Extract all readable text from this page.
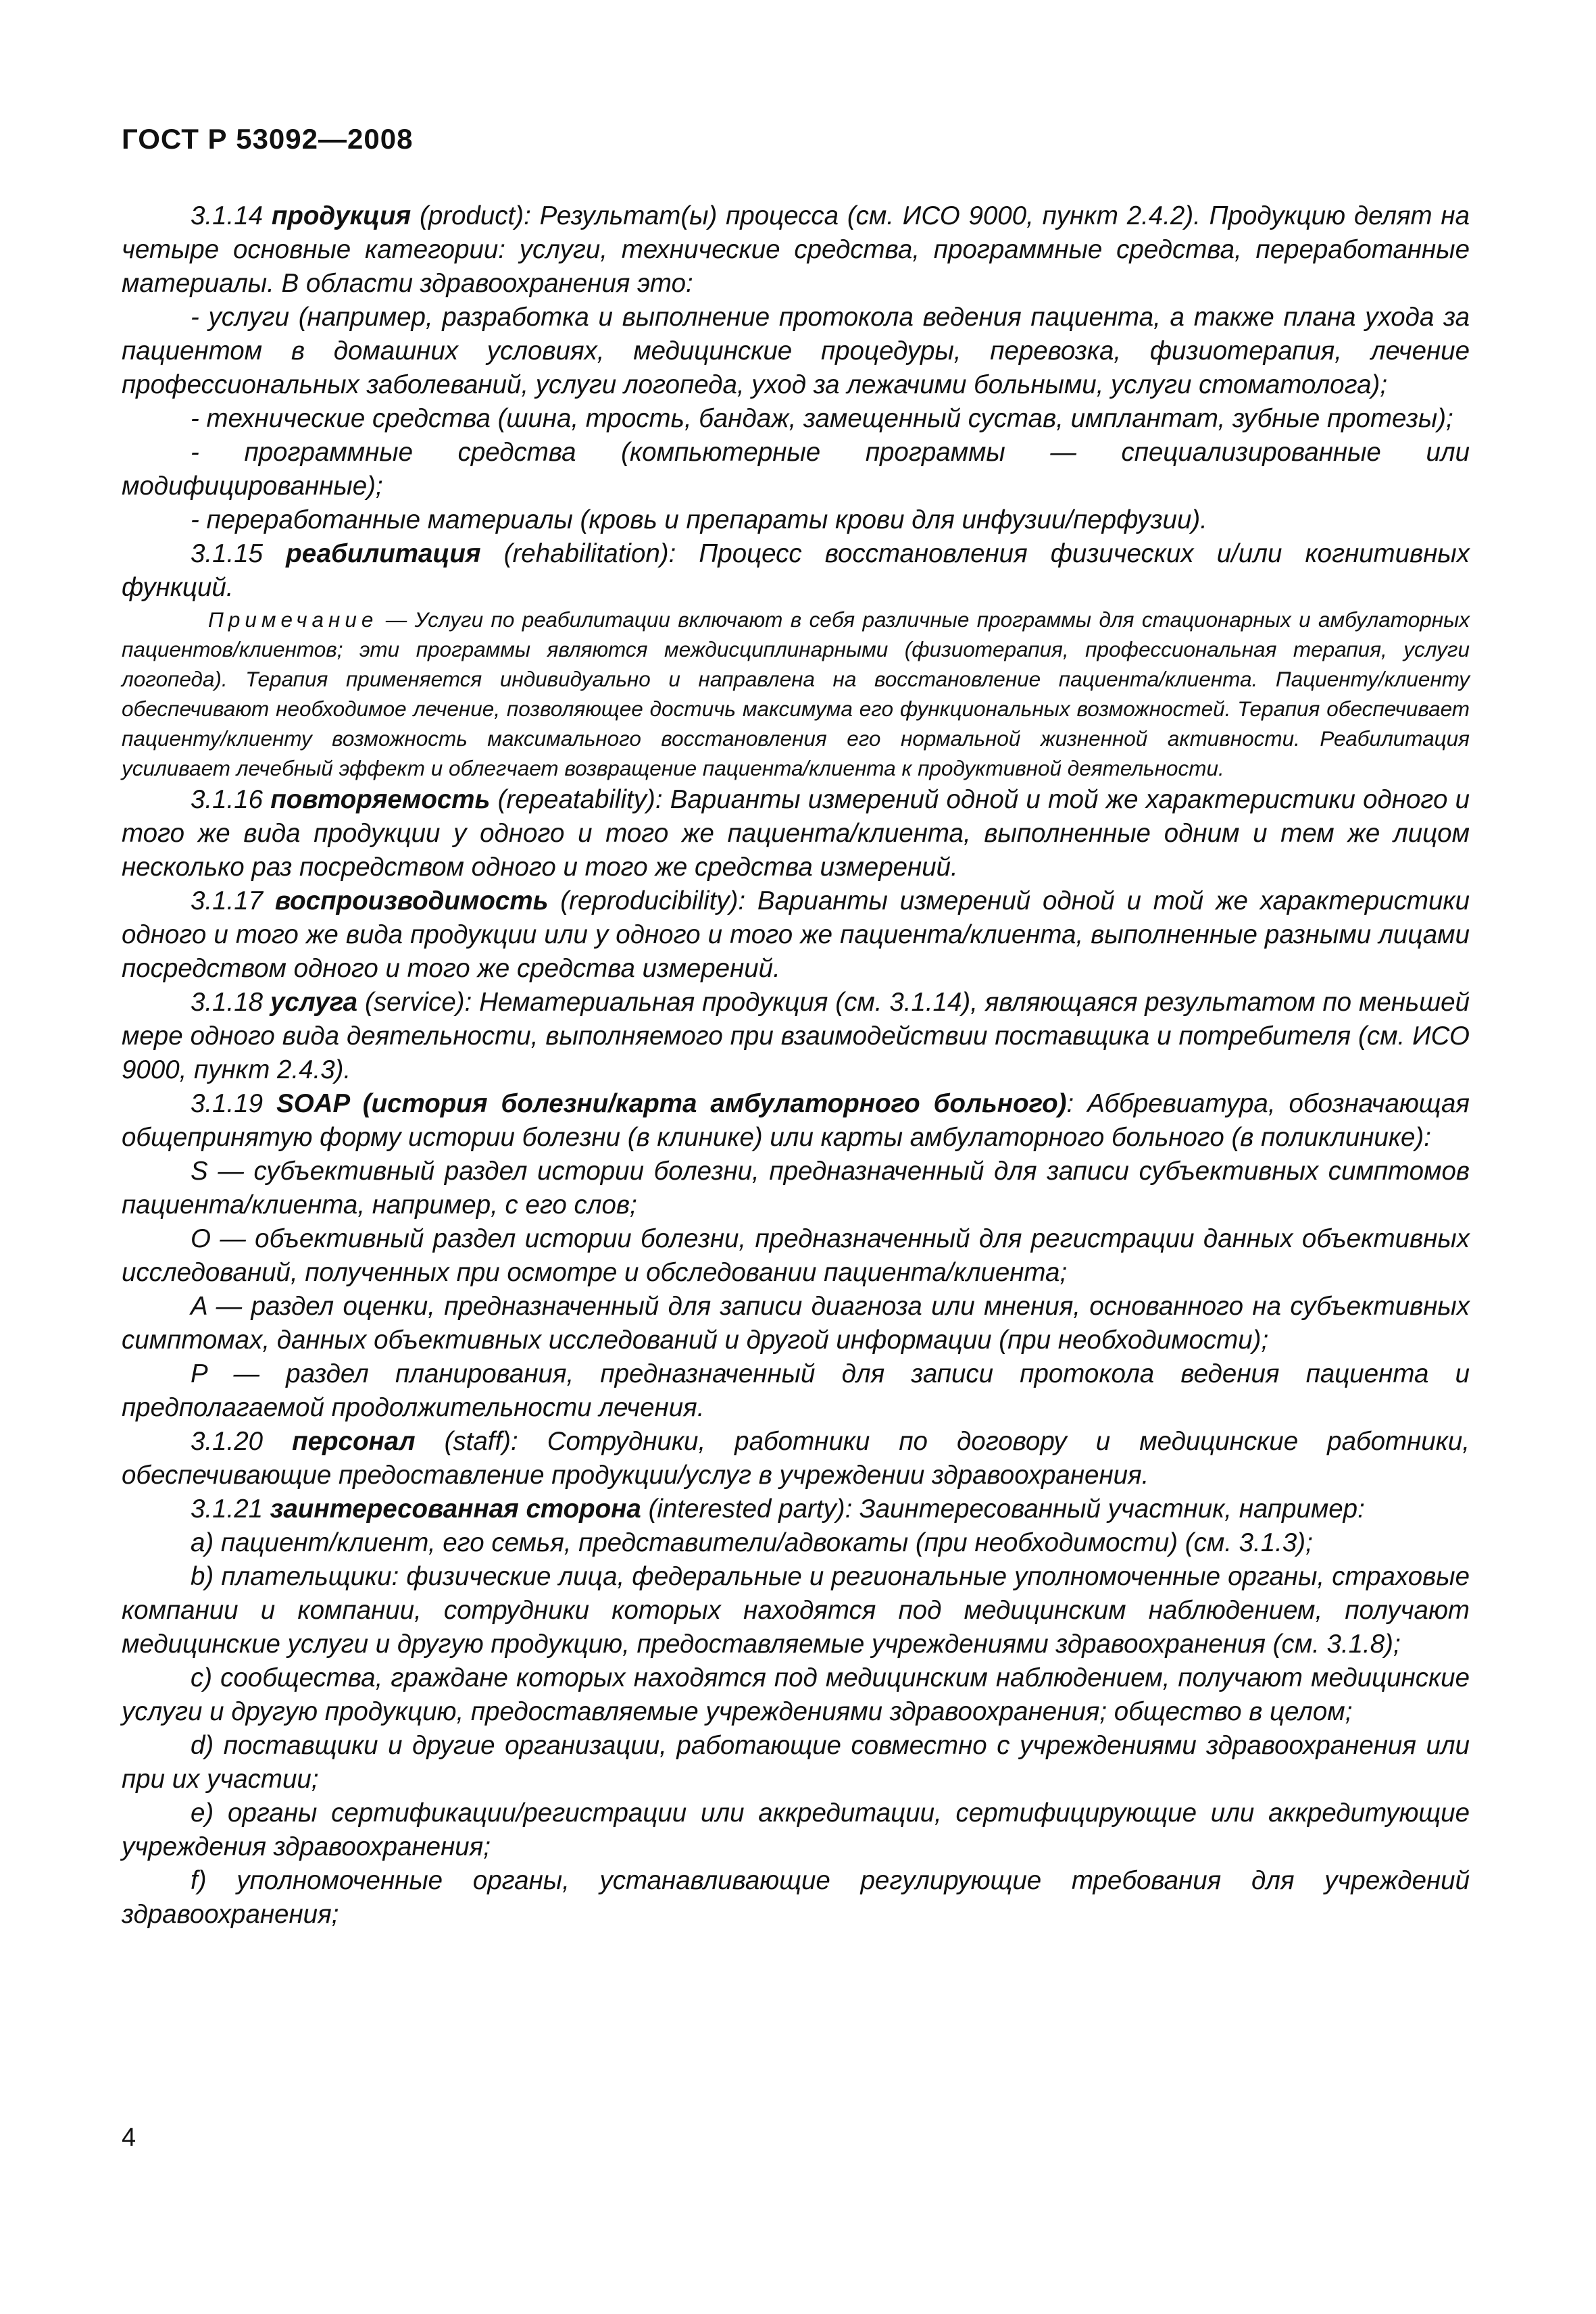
ГОСТ Р 53092—2008

3.1.14 продукция (product): Результат(ы) процесса (см. ИСО 9000, пункт 2.4.2). Продукцию делят на четыре основные категории: услуги, технические средства, программные средства, переработанные материалы. В области здравоохранения это:

- услуги (например, разработка и выполнение протокола ведения пациента, а также плана ухода за пациентом в домашних условиях, медицинские процедуры, перевозка, физиотерапия, лечение профессиональных заболеваний, услуги логопеда, уход за лежачими больными, услуги стоматолога);

- технические средства (шина, трость, бандаж, замещенный сустав, имплантат, зубные протезы);

- программные средства (компьютерные программы — специализированные или модифицированные);

- переработанные материалы (кровь и препараты крови для инфузии/перфузии).

3.1.15 реабилитация (rehabilitation): Процесс восстановления физических и/или когнитивных функций.

Примечание — Услуги по реабилитации включают в себя различные программы для стационарных и амбулаторных пациентов/клиентов; эти программы являются междисциплинарными (физиотерапия, профессиональная терапия, услуги логопеда). Терапия применяется индивидуально и направлена на восстановление пациента/клиента. Пациенту/клиенту обеспечивают необходимое лечение, позволяющее достичь максимума его функциональных возможностей. Терапия обеспечивает пациенту/клиенту возможность максимального восстановления его нормальной жизненной активности. Реабилитация усиливает лечебный эффект и облегчает возвращение пациента/клиента к продуктивной деятельности.

3.1.16 повторяемость (repeatability): Варианты измерений одной и той же характеристики одного и того же вида продукции у одного и того же пациента/клиента, выполненные одним и тем же лицом несколько раз посредством одного и того же средства измерений.

3.1.17 воспроизводимость (reproducibility): Варианты измерений одной и той же характеристики одного и того же вида продукции или у одного и того же пациента/клиента, выполненные разными лицами посредством одного и того же средства измерений.

3.1.18 услуга (service): Нематериальная продукция (см. 3.1.14), являющаяся результатом по меньшей мере одного вида деятельности, выполняемого при взаимодействии поставщика и потребителя (см. ИСО 9000, пункт 2.4.3).

3.1.19 SOAP (история болезни/карта амбулаторного больного): Аббревиатура, обозначающая общепринятую форму истории болезни (в клинике) или карты амбулаторного больного (в поликлинике):

S — субъективный раздел истории болезни, предназначенный для записи субъективных симптомов пациента/клиента, например, с его слов;

O — объективный раздел истории болезни, предназначенный для регистрации данных объективных исследований, полученных при осмотре и обследовании пациента/клиента;

A — раздел оценки, предназначенный для записи диагноза или мнения, основанного на субъективных симптомах, данных объективных исследований и другой информации (при необходимости);

P — раздел планирования, предназначенный для записи протокола ведения пациента и предполагаемой продолжительности лечения.

3.1.20 персонал (staff): Сотрудники, работники по договору и медицинские работники, обеспечивающие предоставление продукции/услуг в учреждении здравоохранения.

3.1.21 заинтересованная сторона (interested party): Заинтересованный участник, например:

a) пациент/клиент, его семья, представители/адвокаты (при необходимости) (см. 3.1.3);

b) плательщики: физические лица, федеральные и региональные уполномоченные органы, страховые компании и компании, сотрудники которых находятся под медицинским наблюдением, получают медицинские услуги и другую продукцию, предоставляемые учреждениями здравоохранения (см. 3.1.8);

c) сообщества, граждане которых находятся под медицинским наблюдением, получают медицинские услуги и другую продукцию, предоставляемые учреждениями здравоохранения; общество в целом;

d) поставщики и другие организации, работающие совместно с учреждениями здравоохранения или при их участии;

e) органы сертификации/регистрации или аккредитации, сертифицирующие или аккредитующие учреждения здравоохранения;

f) уполномоченные органы, устанавливающие регулирующие требования для учреждений здравоохранения;

4
